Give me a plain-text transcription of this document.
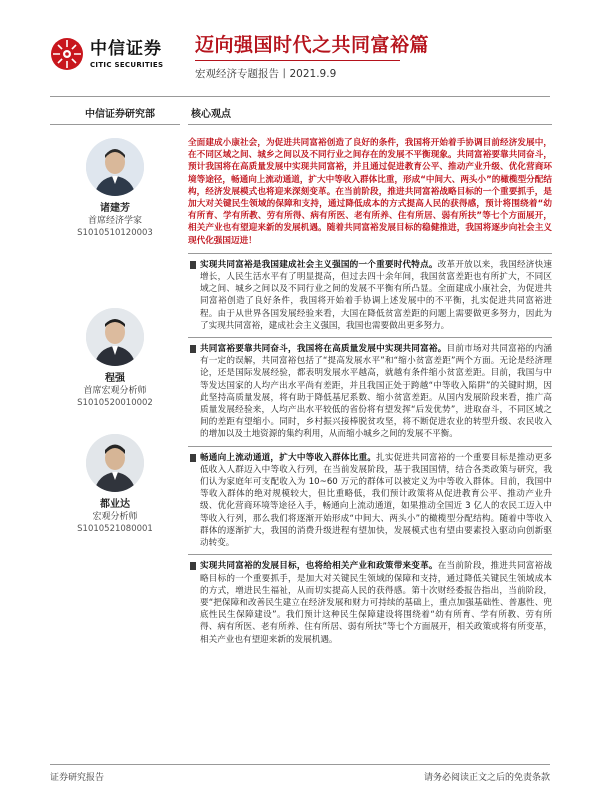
中信证券
CITIC SECURITIES
迈向强国时代之共同富裕篇
宏观经济专题报告丨2021.9.9
中信证券研究部
诸建芳
首席经济学家
S1010510120003
程强
首席宏观分析师
S1010520010002
都业达
宏观分析师
S1010521080001
核心观点
全面建成小康社会，为促进共同富裕创造了良好的条件，我国将开始着手协调目前经济发展中，在不同区域之间、城乡之间以及不同行业之间存在的发展不平衡现象。共同富裕要靠共同奋斗，预计我国将在高质量发展中实现共同富裕，并且通过促进教育公平、推动产业升级、优化营商环境等途径，畅通向上流动通道，扩大中等收入群体比重，形成“中间大、两头小”的橄榄型分配结构，经济发展模式也将迎来深刻变革。在当前阶段，推进共同富裕战略目标的一个重要抓手，是加大对关键民生领域的保障和支持，通过降低成本的方式提高人民的获得感，预计将围绕着“幼有所育、学有所教、劳有所得、病有所医、老有所养、住有所居、弱有所扶”等七个方面展开，相关产业也有望迎来新的发展机遇。随着共同富裕发展目标的稳健推进，我国将逐步向社会主义现代化强国迈进！
实现共同富裕是我国建成社会主义强国的一个重要时代特点。改革开放以来，我国经济快速增长，人民生活水平有了明显提高，但过去四十余年间，我国贫富差距也有所扩大，不同区域之间、城乡之间以及不同行业之间的发展不平衡有所凸显。全面建成小康社会，为促进共同富裕创造了良好条件，我国将开始着手协调上述发展中的不平衡，扎实促进共同富裕进程。由于从世界各国发展经验来看，大国在降低贫富差距的问题上需要做更多努力，因此为了实现共同富裕，建成社会主义强国，我国也需要做出更多努力。
共同富裕要靠共同奋斗，我国将在高质量发展中实现共同富裕。目前市场对共同富裕的内涵有一定的误解，共同富裕包括了“提高发展水平”和“缩小贫富差距”两个方面。无论是经济理论，还是国际发展经验，都表明发展水平越高，就越有条件缩小贫富差距。目前，我国与中等发达国家的人均产出水平尚有差距，并且我国正处于跨越“中等收入陷阱”的关键时期，因此坚持高质量发展，将有助于降低基尼系数、缩小贫富差距。从国内发展阶段来看，推广高质量发展经验来，人均产出水平较低的省份将有望发挥“后发优势”，进取奋斗，不同区域之间的差距有望缩小。同时，乡村振兴接棒脱贫攻坚，将不断促进农业的转型升级、农民收入的增加以及土地资源的集约利用，从而缩小城乡之间的发展不平衡。
畅通向上流动通道，扩大中等收入群体比重。扎实促进共同富裕的一个重要目标是推动更多低收入人群迈入中等收入行列，在当前发展阶段，基于我国国情，结合各类政策与研究，我们认为家庭年可支配收入为 10~60 万元的群体可以被定义为中等收入群体。目前，我国中等收入群体的绝对规模较大，但比重略低，我们预计政策将从促进教育公平、推动产业升级、优化营商环境等途径入手，畅通向上流动通道，如果推动全国近 3 亿人的农民工迈入中等收入行列，那么我们将逐渐开始形成“中间大、两头小”的橄榄型分配结构。随着中等收入群体的逐渐扩大，我国的消费升级进程有望加快，发展模式也有望由要素投入驱动向创新驱动转变。
实现共同富裕的发展目标，也将给相关产业和政策带来变革。在当前阶段，推进共同富裕战略目标的一个重要抓手，是加大对关键民生领域的保障和支持，通过降低关键民生领域成本的方式，增进民生福祉，从而切实提高人民的获得感。第十次财经委报告指出，当前阶段，要“把保障和改善民生建立在经济发展和财力可持续的基础上，重点加强基础性、普惠性、兜底性民生保障建设”。我们预计这种民生保障建设将围绕着“幼有所育、学有所教、劳有所得、病有所医、老有所养、住有所居、弱有所扶”等七个方面展开，相关政策或将有所变革，相关产业也有望迎来新的发展机遇。
证券研究报告	请务必阅读正文之后的免责条款
